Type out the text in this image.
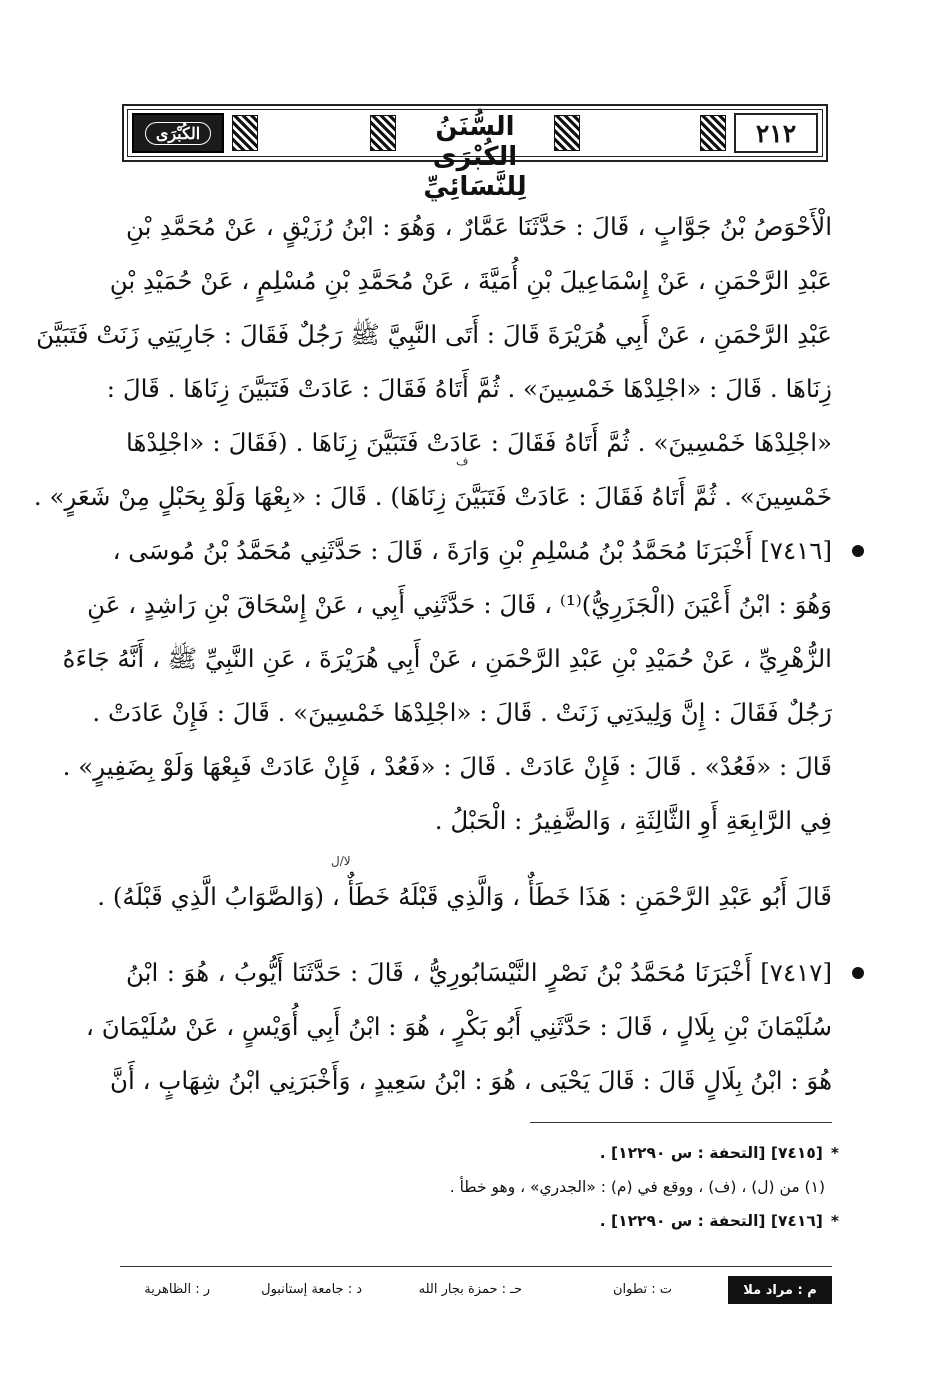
الكُبْرَى	السُّنَنُ الكُبْرَى لِلنَّسَائِيِّ
٢١٢
الْأَحْوَصُ بْنُ جَوَّابٍ ، قَالَ : حَدَّثَنَا عَمَّارٌ ، وَهُوَ : ابْنُ رُزَيْقٍ ، عَنْ مُحَمَّدِ بْنِ
عَبْدِ الرَّحْمَنِ ، عَنْ إِسْمَاعِيلَ بْنِ أُمَيَّةَ ، عَنْ مُحَمَّدِ بْنِ مُسْلِمٍ ، عَنْ حُمَيْدِ بْنِ
عَبْدِ الرَّحْمَنِ ، عَنْ أَبِي هُرَيْرَةَ قَالَ : أَتَى النَّبِيَّ ﷺ رَجُلٌ فَقَالَ : جَارِيَتِي زَنَتْ فَتَبَيَّنَ
زِنَاهَا . قَالَ : «اجْلِدْهَا خَمْسِينَ» . ثُمَّ أَتَاهُ فَقَالَ : عَادَتْ فَتَبَيَّنَ زِنَاهَا . قَالَ :
«اجْلِدْهَا خَمْسِينَ» . ثُمَّ أَتَاهُ فَقَالَ : عَادَتْ فَتَبَيَّنَ زِنَاهَا . (فَقَالَ : «اجْلِدْهَا
ف
خَمْسِينَ» . ثُمَّ أَتَاهُ فَقَالَ : عَادَتْ فَتَبَيَّنَ زِنَاهَا) . قَالَ : «بِعْهَا وَلَوْ بِحَبْلٍ مِنْ شَعَرٍ» .
[٧٤١٦] أَخْبَرَنَا مُحَمَّدُ بْنُ مُسْلِمِ بْنِ وَارَةَ ، قَالَ : حَدَّثَنِي مُحَمَّدُ بْنُ مُوسَى ،
وَهُوَ : ابْنُ أَعْيَنَ (الْجَزَرِيُّ)⁽¹⁾ ، قَالَ : حَدَّثَنِي أَبِي ، عَنْ إِسْحَاقَ بْنِ رَاشِدٍ ، عَنِ
الزُّهْرِيِّ ، عَنْ حُمَيْدِ بْنِ عَبْدِ الرَّحْمَنِ ، عَنْ أَبِي هُرَيْرَةَ ، عَنِ النَّبِيِّ ﷺ ، أَنَّهُ جَاءَهُ
رَجُلٌ فَقَالَ : إِنَّ وَلِيدَتِي زَنَتْ . قَالَ : «اجْلِدْهَا خَمْسِينَ» . قَالَ : فَإِنْ عَادَتْ .
قَالَ : «فَعُدْ» . قَالَ : فَإِنْ عَادَتْ . قَالَ : «فَعُدْ ، فَإِنْ عَادَتْ فَبِعْهَا وَلَوْ بِضَفِيرٍ» .
فِي الرَّابِعَةِ أَوِ الثَّالِثَةِ ، وَالضَّفِيرُ : الْحَبْلُ .
لا/ل
قَالَ أَبُو عَبْدِ الرَّحْمَنِ : هَذَا خَطَأٌ ، وَالَّذِي قَبْلَهُ خَطَأٌ ، (وَالصَّوَابُ الَّذِي قَبْلَهُ) .
[٧٤١٧] أَخْبَرَنَا مُحَمَّدُ بْنُ نَصْرٍ النَّيْسَابُورِيُّ ، قَالَ : حَدَّثَنَا أَيُّوبُ ، هُوَ : ابْنُ
سُلَيْمَانَ بْنِ بِلَالٍ ، قَالَ : حَدَّثَنِي أَبُو بَكْرٍ ، هُوَ : ابْنُ أَبِي أُوَيْسٍ ، عَنْ سُلَيْمَانَ ،
هُوَ : ابْنُ بِلَالٍ قَالَ : قَالَ يَحْيَى ، هُوَ : ابْنُ سَعِيدٍ ، وَأَخْبَرَنِي ابْنُ شِهَابٍ ، أَنَّ
*[٧٤١٥] [التحفة : س ١٢٢٩٠] .
(١) من (ل) ، (ف) ، ووقع في (م) : «الجدري» ، وهو خطأ .
*[٧٤١٦] [التحفة : س ١٢٢٩٠] .
م : مراد ملا
ت : تطوان
حـ : حمزة بجار الله
د : جامعة إستانبول
ر : الظاهرية
